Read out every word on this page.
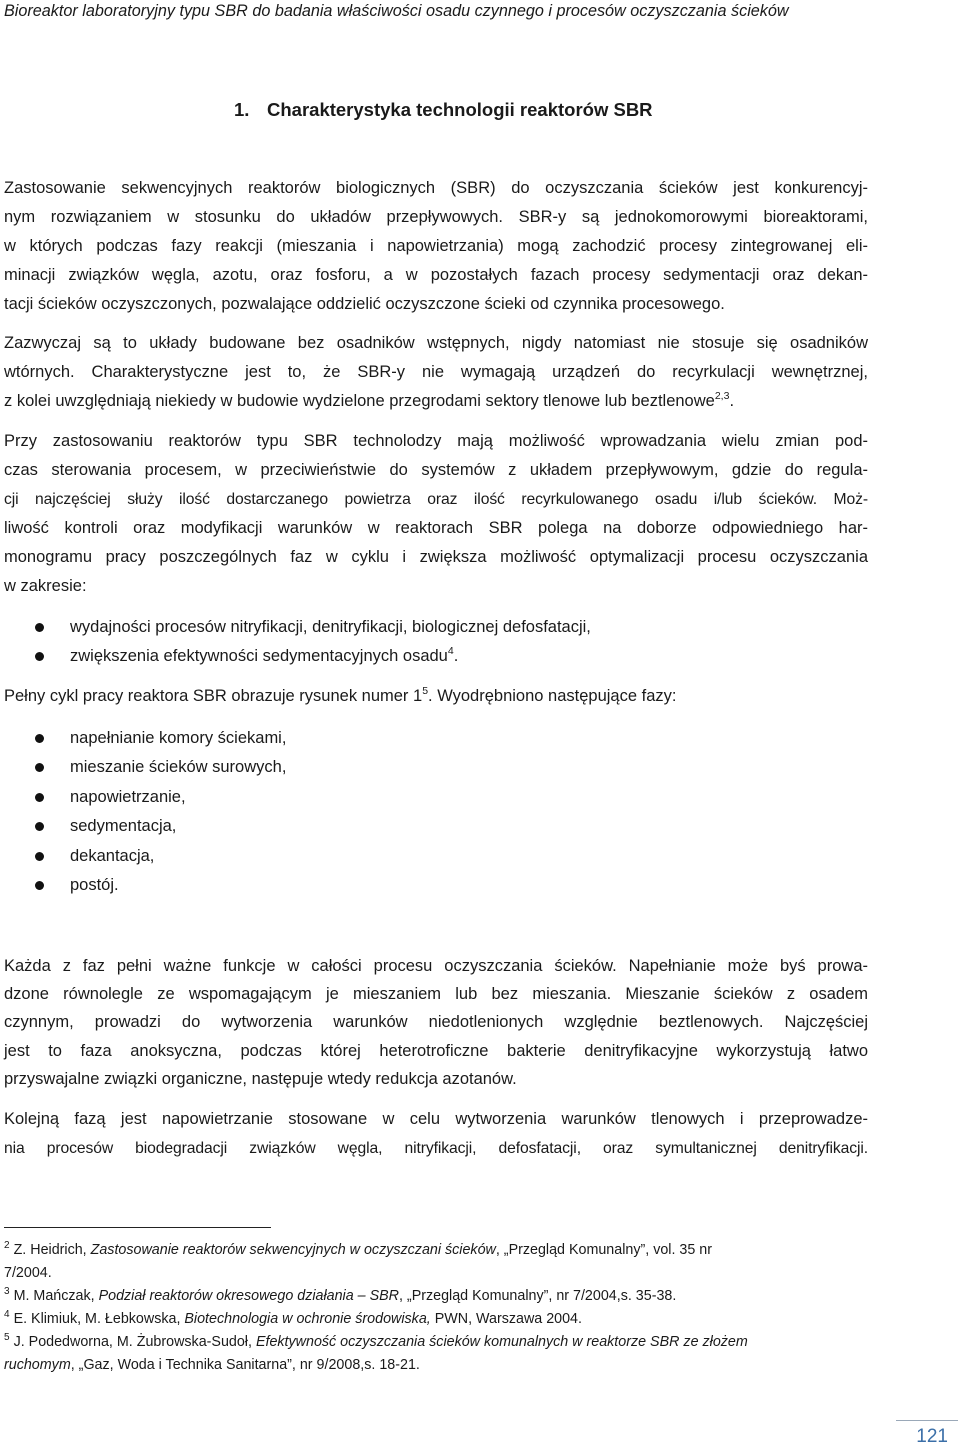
Bioreaktor laboratoryjny typu SBR do badania właściwości osadu czynnego i procesów oczyszczania ścieków
1. Charakterystyka technologii reaktorów SBR
Zastosowanie sekwencyjnych reaktorów biologicznych (SBR) do oczyszczania ścieków jest konkurencyj-
nym rozwiązaniem w stosunku do układów przepływowych. SBR-y są jednokomorowymi bioreaktorami,
w których podczas fazy reakcji (mieszania i napowietrzania) mogą zachodzić procesy zintegrowanej eli-
minacji związków węgla, azotu, oraz fosforu, a w pozostałych fazach procesy sedymentacji oraz dekan-
tacji ścieków oczyszczonych, pozwalające oddzielić oczyszczone ścieki od czynnika procesowego.
Zazwyczaj są to układy budowane bez osadników wstępnych, nigdy natomiast nie stosuje się osadników
wtórnych. Charakterystyczne jest to, że SBR-y nie wymagają urządzeń do recyrkulacji wewnętrznej,
z kolei uwzględniają niekiedy w budowie wydzielone przegrodami sektory tlenowe lub beztlenowe$^{2,3}$.
Przy zastosowaniu reaktorów typu SBR technolodzy mają możliwość wprowadzania wielu zmian pod-
czas sterowania procesem, w przeciwieństwie do systemów z układem przepływowym, gdzie do regula-
cji najczęściej służy ilość dostarczanego powietrza oraz ilość recyrkulowanego osadu i/lub ścieków. Moż-
liwość kontroli oraz modyfikacji warunków w reaktorach SBR polega na doborze odpowiedniego har-
monogramu pracy poszczególnych faz w cyklu i zwiększa możliwość optymalizacji procesu oczyszczania
w zakresie:
wydajności procesów nitryfikacji, denitryfikacji, biologicznej defosfatacji,
zwiększenia efektywności sedymentacyjnych osadu$^4$.
Pełny cykl pracy reaktora SBR obrazuje rysunek numer $1^5$. Wyodrębniono następujące fazy:
napełnianie komory ściekami,
mieszanie ścieków surowych,
napowietrzanie,
sedymentacja,
dekantacja,
postój.
Każda z faz pełni ważne funkcje w całości procesu oczyszczania ścieków. Napełnianie może byś prowa-
dzone równolegle ze wspomagającym je mieszaniem lub bez mieszania. Mieszanie ścieków z osadem
czynnym, prowadzi do wytworzenia warunków niedotlenionych względnie beztlenowych. Najczęściej
jest to faza anoksyczna, podczas której heterotroficzne bakterie denitryfikacyjne wykorzystują łatwo
przyswajalne związki organiczne, następuje wtedy redukcja azotanów.
Kolejną fazą jest napowietrzanie stosowane w celu wytworzenia warunków tlenowych i przeprowadze-
nia procesów biodegradacji związków węgla, nitryfikacji, defosfatacji, oraz symultanicznej denitryfikacji.
$^2$ Z. Heidrich, Zastosowanie reaktorów sekwencyjnych w oczyszczani ścieków, „Przegląd Komunalny”, vol. 35 nr
7/2004.
$^3$ M. Mańczak, Podział reaktorów okresowego działania – SBR, „Przegląd Komunalny”, nr 7/2004,s. 35-38.
$^4$ E. Klimiuk, M. Łebkowska, Biotechnologia w ochronie środowiska, PWN, Warszawa 2004.
$^5$ J. Podedworna, M. Żubrowska-Sudoł, Efektywność oczyszczania ścieków komunalnych w reaktorze SBR ze złożem
ruchomym, „Gaz, Woda i Technika Sanitarna”, nr 9/2008,s. 18-21.
121
